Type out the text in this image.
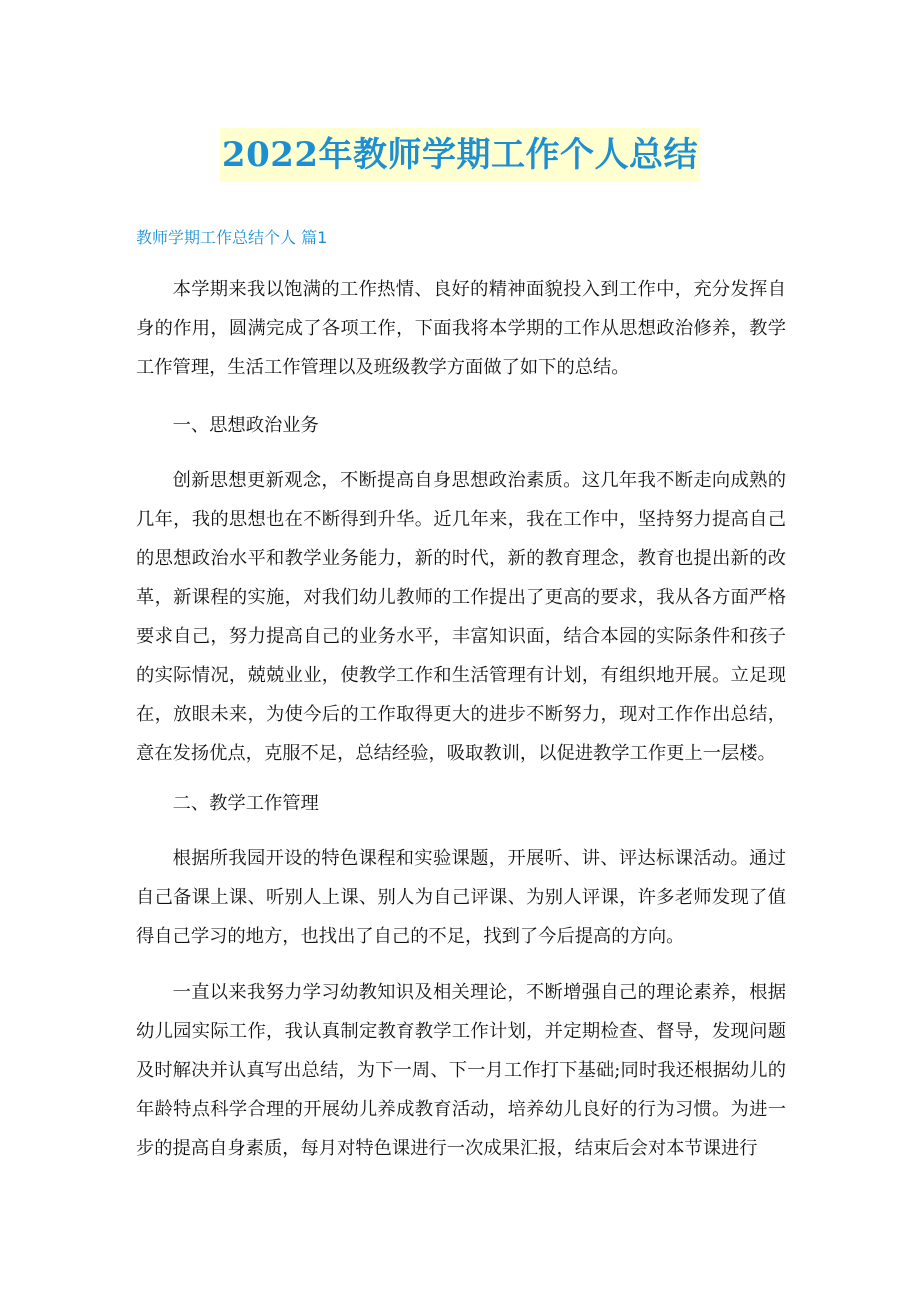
2022年教师学期工作个人总结
教师学期工作总结个人 篇1

本学期来我以饱满的工作热情、良好的精神面貌投入到工作中，充分发挥自身的作用，圆满完成了各项工作，下面我将本学期的工作从思想政治修养，教学工作管理，生活工作管理以及班级教学方面做了如下的总结。

一、思想政治业务

创新思想更新观念，不断提高自身思想政治素质。这几年我不断走向成熟的几年，我的思想也在不断得到升华。近几年来，我在工作中，坚持努力提高自己的思想政治水平和教学业务能力，新的时代，新的教育理念，教育也提出新的改革，新课程的实施，对我们幼儿教师的工作提出了更高的要求，我从各方面严格要求自己，努力提高自己的业务水平，丰富知识面，结合本园的实际条件和孩子的实际情况，兢兢业业，使教学工作和生活管理有计划，有组织地开展。立足现在，放眼未来，为使今后的工作取得更大的进步不断努力，现对工作作出总结，意在发扬优点，克服不足，总结经验，吸取教训，以促进教学工作更上一层楼。

二、教学工作管理

根据所我园开设的特色课程和实验课题，开展听、讲、评达标课活动。通过自己备课上课、听别人上课、别人为自己评课、为别人评课，许多老师发现了值得自己学习的地方，也找出了自己的不足，找到了今后提高的方向。

一直以来我努力学习幼教知识及相关理论，不断增强自己的理论素养，根据幼儿园实际工作，我认真制定教育教学工作计划，并定期检查、督导，发现问题及时解决并认真写出总结，为下一周、下一月工作打下基础;同时我还根据幼儿的年龄特点科学合理的开展幼儿养成教育活动，培养幼儿良好的行为习惯。为进一步的提高自身素质，每月对特色课进行一次成果汇报，结束后会对本节课进行
